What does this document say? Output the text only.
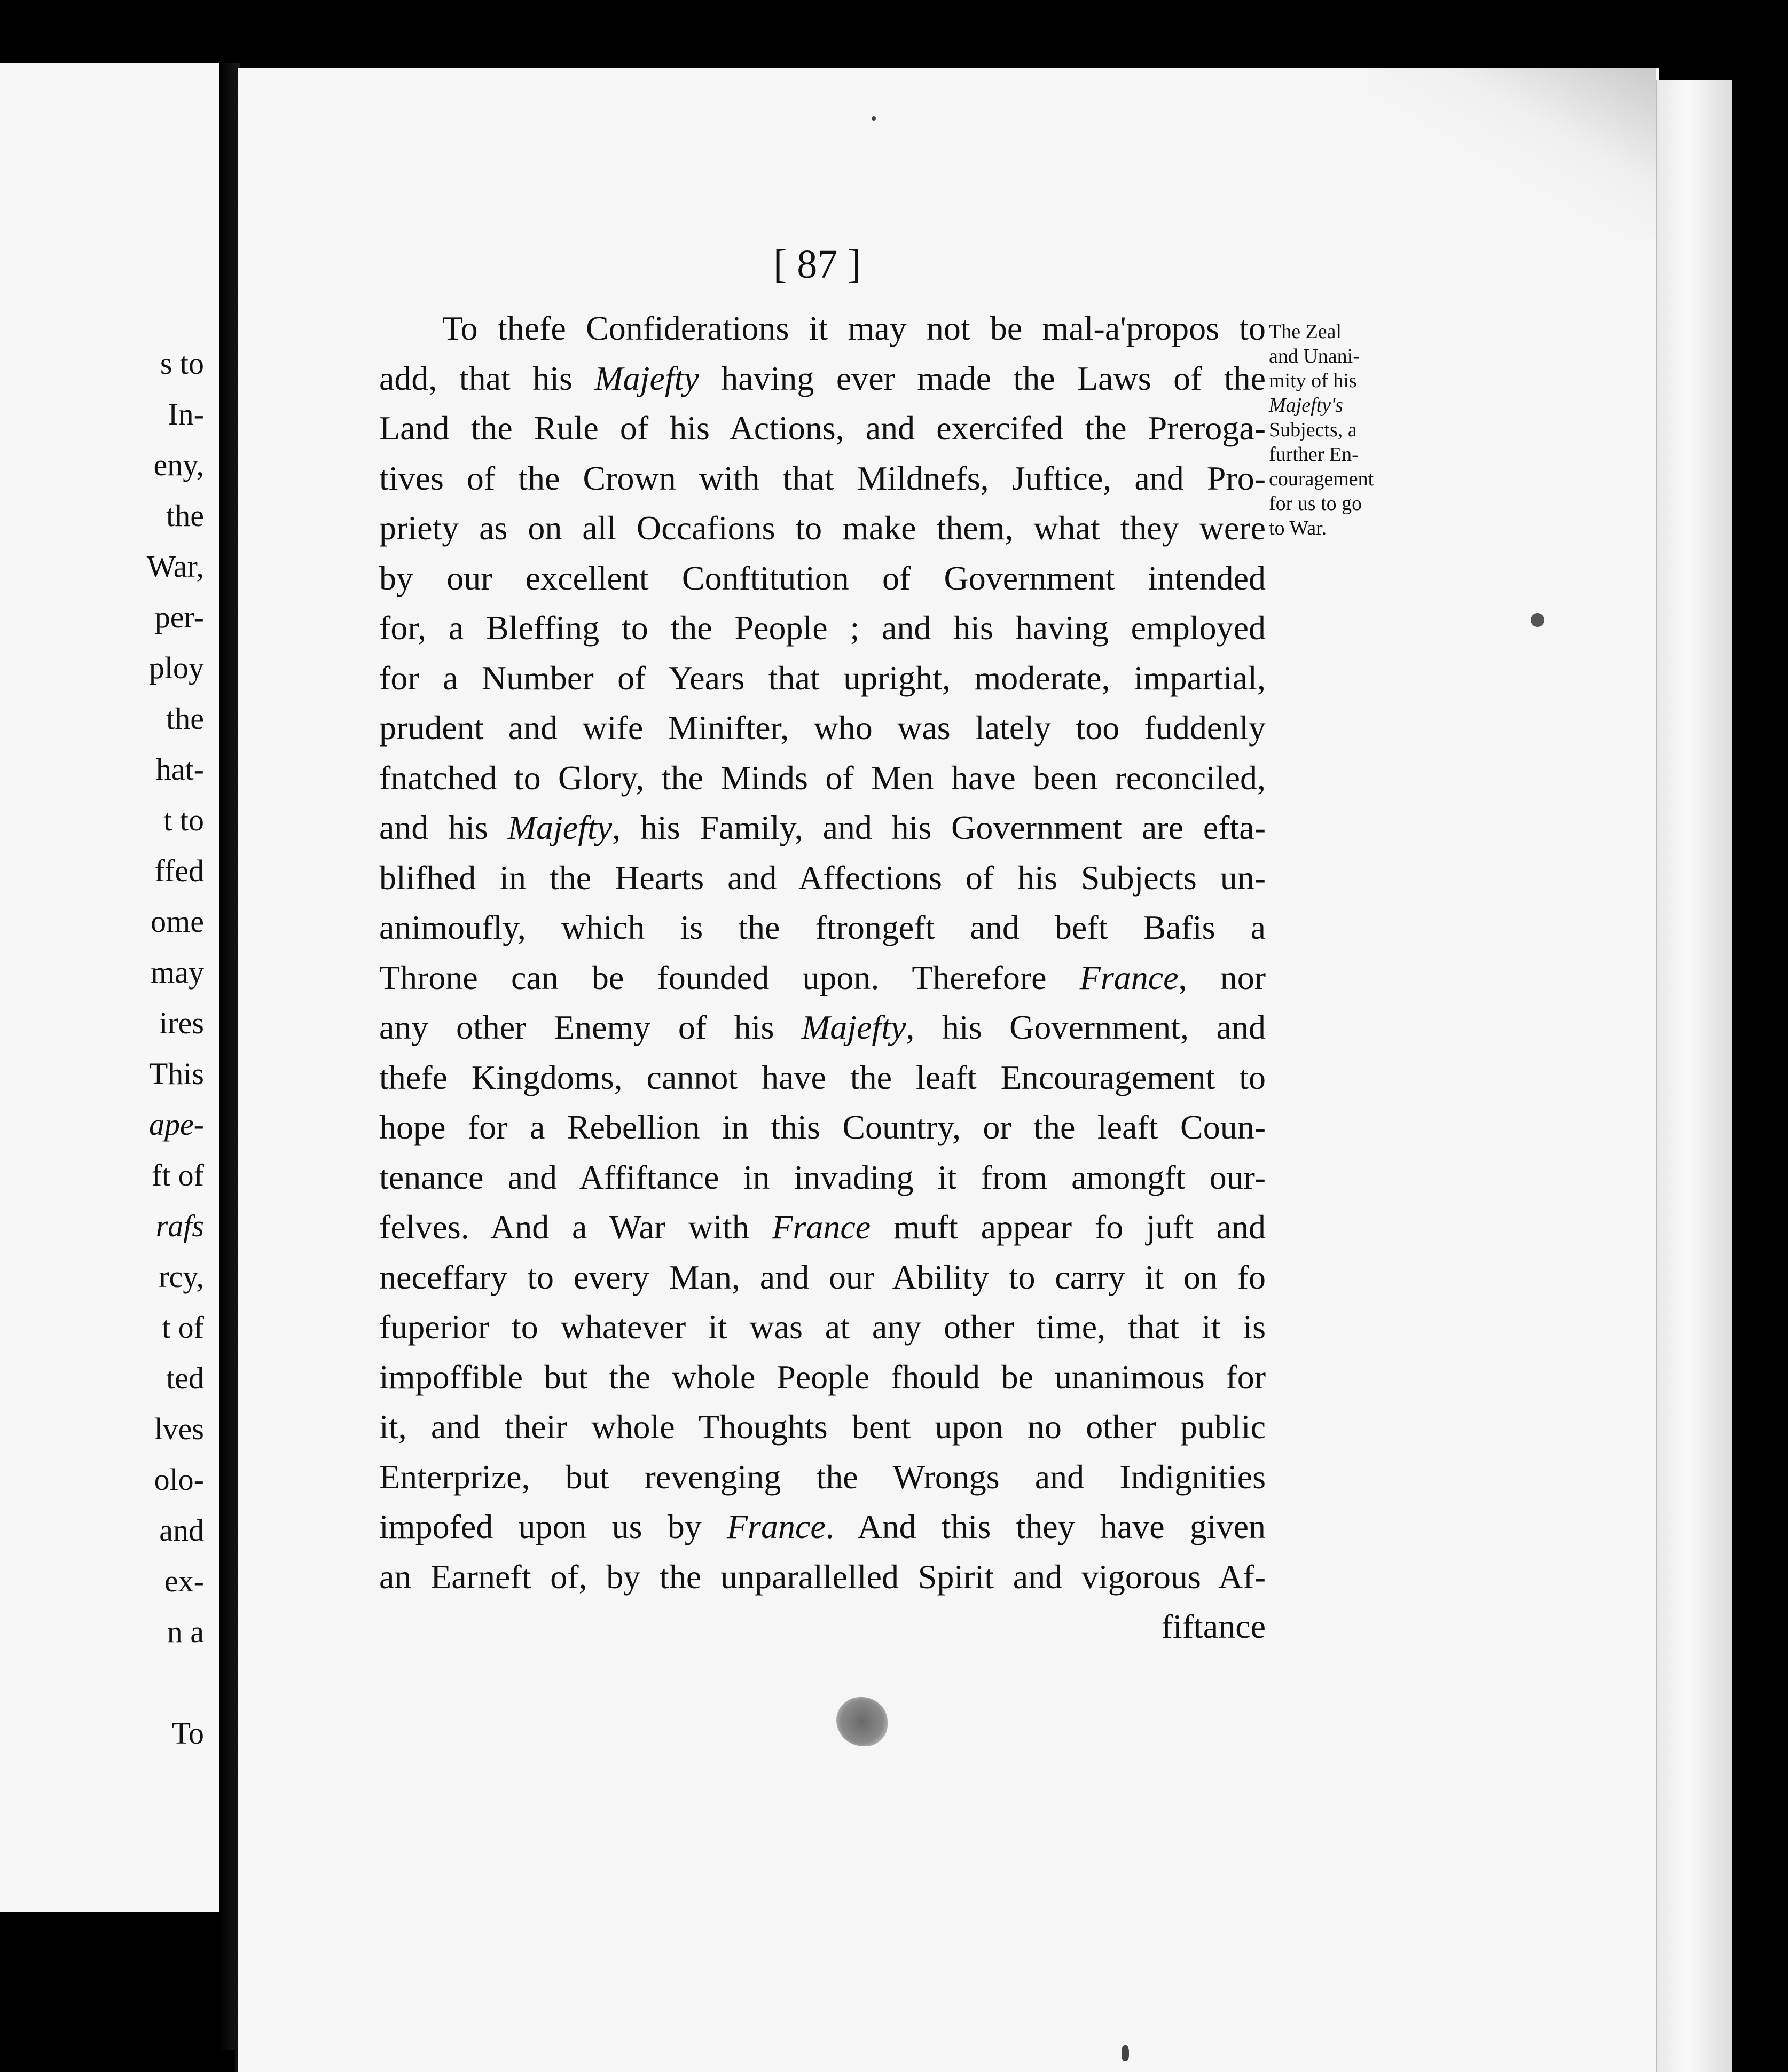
s to
In-
eny,
the
War,
per-
ploy
the
hat-
t to
ffed
ome
may
ires
This
ape-
ft of
rafs
rcy,
t of
ted
lves
olo-
and
ex-
n a
To
[ 87 ]
To thefe Confiderations it may not be mal-a'propos to
add, that his Majefty having ever made the Laws of the
Land the Rule of his Actions, and exercifed the Preroga-
tives of the Crown with that Mildnefs, Juftice, and Pro-
priety as on all Occafions to make them, what they were
by our excellent Conftitution of Government intended
for, a Bleffing to the People ; and his having employed
for a Number of Years that upright, moderate, impartial,
prudent and wife Minifter, who was lately too fuddenly
fnatched to Glory, the Minds of Men have been reconciled,
and his Majefty, his Family, and his Government are efta-
blifhed in the Hearts and Affections of his Subjects un-
animoufly, which is the ftrongeft and beft Bafis a
Throne can be founded upon. Therefore France, nor
any other Enemy of his Majefty, his Government, and
thefe Kingdoms, cannot have the leaft Encouragement to
hope for a Rebellion in this Country, or the leaft Coun-
tenance and Affiftance in invading it from amongft our-
felves. And a War with France muft appear fo juft and
neceffary to every Man, and our Ability to carry it on fo
fuperior to whatever it was at any other time, that it is
impoffible but the whole People fhould be unanimous for
it, and their whole Thoughts bent upon no other public
Enterprize, but revenging the Wrongs and Indignities
impofed upon us by France. And this they have given
an Earneft of, by the unparallelled Spirit and vigorous Af-
fiftance
The Zeal
and Unani-
mity of his
Majefty's
Subjects, a
further En-
couragement
for us to go
to War.
